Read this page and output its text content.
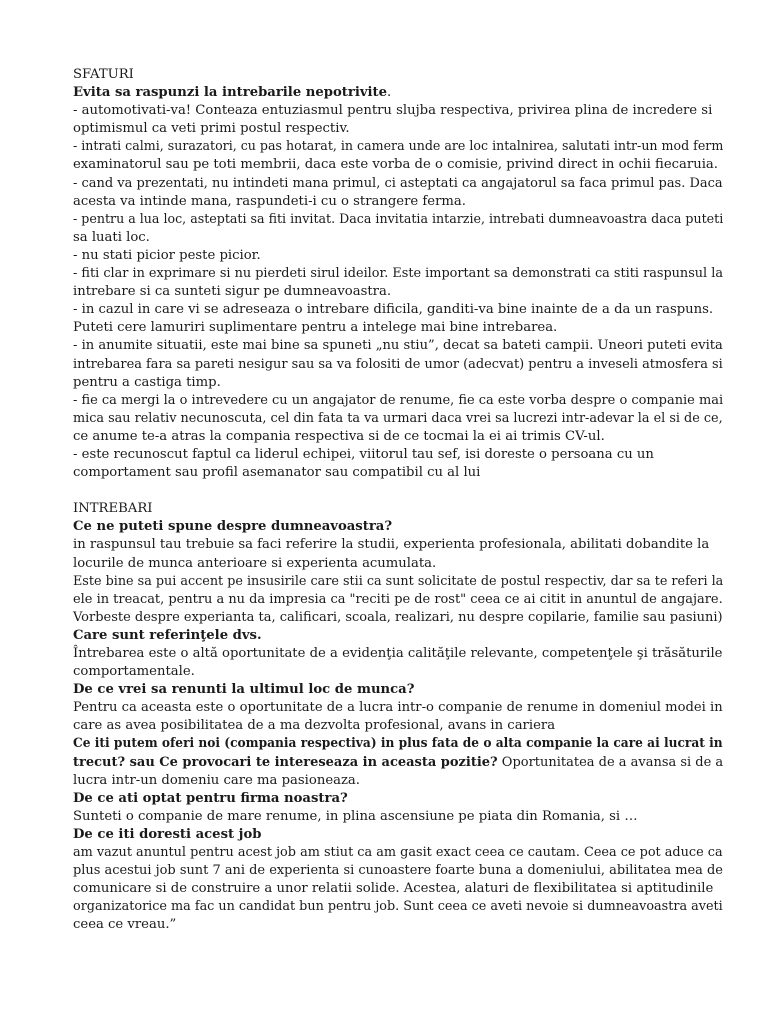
SFATURI
Evita sa raspunzi la intrebarile nepotrivite.
- automotivati-va! Conteaza entuziasmul pentru slujba respectiva, privirea plina de incredere si
optimismul ca veti primi postul respectiv.
- intrati calmi, surazatori, cu pas hotarat, in camera unde are loc intalnirea, salutati intr-un mod ferm
examinatorul sau pe toti membrii, daca este vorba de o comisie, privind direct in ochii fiecaruia.
- cand va prezentati, nu intindeti mana primul, ci asteptati ca angajatorul sa faca primul pas. Daca
acesta va intinde mana, raspundeti-i cu o strangere ferma.
- pentru a lua loc, asteptati sa fiti invitat. Daca invitatia intarzie, intrebati dumneavoastra daca puteti
sa luati loc.
- nu stati picior peste picior.
- fiti clar in exprimare si nu pierdeti sirul ideilor. Este important sa demonstrati ca stiti raspunsul la
intrebare si ca sunteti sigur pe dumneavoastra.
- in cazul in care vi se adreseaza o intrebare dificila, ganditi-va bine inainte de a da un raspuns.
Puteti cere lamuriri suplimentare pentru a intelege mai bine intrebarea.
- in anumite situatii, este mai bine sa spuneti „nu stiu”, decat sa bateti campii. Uneori puteti evita
intrebarea fara sa pareti nesigur sau sa va folositi de umor (adecvat) pentru a inveseli atmosfera si
pentru a castiga timp.
- fie ca mergi la o intrevedere cu un angajator de renume, fie ca este vorba despre o companie mai
mica sau relativ necunoscuta, cel din fata ta va urmari daca vrei sa lucrezi intr-adevar la el si de ce,
ce anume te-a atras la compania respectiva si de ce tocmai la ei ai trimis CV-ul.
- este recunoscut faptul ca liderul echipei, viitorul tau sef, isi doreste o persoana cu un
comportament sau profil asemanator sau compatibil cu al lui
INTREBARI
Ce ne puteti spune despre dumneavoastra?
in raspunsul tau trebuie sa faci referire la studii, experienta profesionala, abilitati dobandite la
locurile de munca anterioare si experienta acumulata.
Este bine sa pui accent pe insusirile care stii ca sunt solicitate de postul respectiv, dar sa te referi la
ele in treacat, pentru a nu da impresia ca "reciti pe de rost" ceea ce ai citit in anuntul de angajare.
Vorbeste despre experianta ta, calificari, scoala, realizari, nu despre copilarie, familie sau pasiuni)
Care sunt referinţele dvs.
Întrebarea este o altă oportunitate de a evidenţia calităţile relevante, competenţele şi trăsăturile
comportamentale.
De ce vrei sa renunti la ultimul loc de munca?
Pentru ca aceasta este o oportunitate de a lucra intr-o companie de renume in domeniul modei in
care as avea posibilitatea de a ma dezvolta profesional, avans in cariera
Ce iti putem oferi noi (compania respectiva) in plus fata de o alta companie la care ai lucrat in
trecut? sau Ce provocari te intereseaza in aceasta pozitie? Oportunitatea de a avansa si de a
lucra intr-un domeniu care ma pasioneaza.
De ce ati optat pentru firma noastra?
Sunteti o companie de mare renume, in plina ascensiune pe piata din Romania, si …
De ce iti doresti acest job
am vazut anuntul pentru acest job am stiut ca am gasit exact ceea ce cautam. Ceea ce pot aduce ca
plus acestui job sunt 7 ani de experienta si cunoastere foarte buna a domeniului, abilitatea mea de
comunicare si de construire a unor relatii solide. Acestea, alaturi de flexibilitatea si aptitudinile
organizatorice ma fac un candidat bun pentru job. Sunt ceea ce aveti nevoie si dumneavoastra aveti
ceea ce vreau.”
